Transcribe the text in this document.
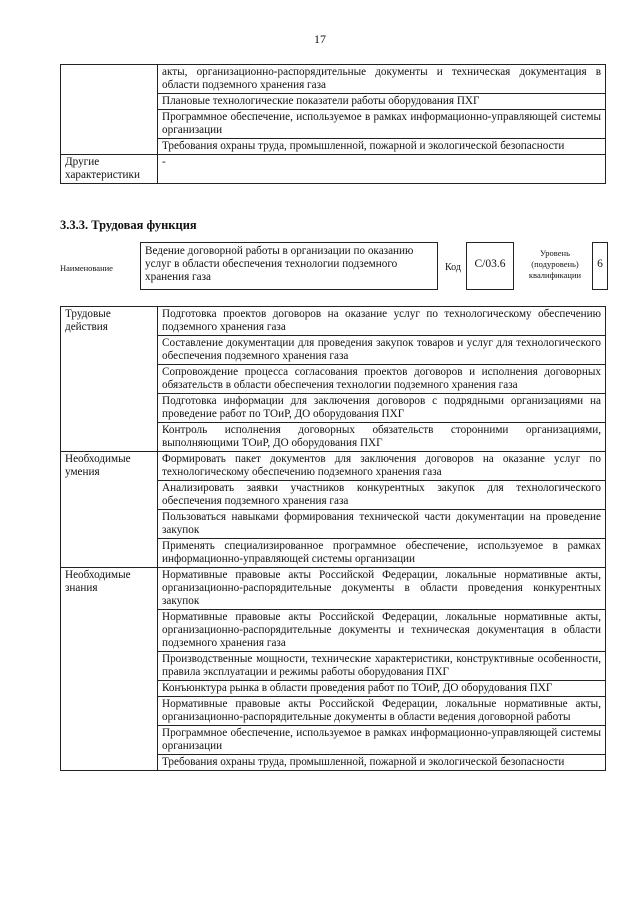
17
	акты, организационно-распорядительные документы и техническая документация в области подземного хранения газа
	Плановые технологические показатели работы оборудования ПХГ
	Программное обеспечение, используемое в рамках информационно-управляющей системы организации
	Требования охраны труда, промышленной, пожарной и экологической безопасности
Другие характеристики	-
3.3.3. Трудовая функция
Наименование
Ведение договорной работы в организации по оказанию услуг в области обеспечения технологии подземного хранения газа
Код	С/03.6
Уровень (подуровень) квалификации
6
Трудовые действия	Подготовка проектов договоров на оказание услуг по технологическому обеспечению подземного хранения газа
	Составление документации для проведения закупок товаров и услуг для технологического обеспечения подземного хранения газа
	Сопровождение процесса согласования проектов договоров и исполнения договорных обязательств в области обеспечения технологии подземного хранения газа
	Подготовка информации для заключения договоров с подрядными организациями на проведение работ по ТОиР, ДО оборудования ПХГ
	Контроль исполнения договорных обязательств сторонними организациями, выполняющими ТОиР, ДО оборудования ПХГ
Необходимые умения	Формировать пакет документов для заключения договоров на оказание услуг по технологическому обеспечению подземного хранения газа
	Анализировать заявки участников конкурентных закупок для технологического обеспечения подземного хранения газа
	Пользоваться навыками формирования технической части документации на проведение закупок
	Применять специализированное программное обеспечение, используемое в рамках информационно-управляющей системы организации
Необходимые знания	Нормативные правовые акты Российской Федерации, локальные нормативные акты, организационно-распорядительные документы в области проведения конкурентных закупок
	Нормативные правовые акты Российской Федерации, локальные нормативные акты, организационно-распорядительные документы и техническая документация в области подземного хранения газа
	Производственные мощности, технические характеристики, конструктивные особенности, правила эксплуатации и режимы работы оборудования ПХГ
	Конъюнктура рынка в области проведения работ по ТОиР, ДО оборудования ПХГ
	Нормативные правовые акты Российской Федерации, локальные нормативные акты, организационно-распорядительные документы в области ведения договорной работы
	Программное обеспечение, используемое в рамках информационно-управляющей системы организации
	Требования охраны труда, промышленной, пожарной и экологической безопасности
